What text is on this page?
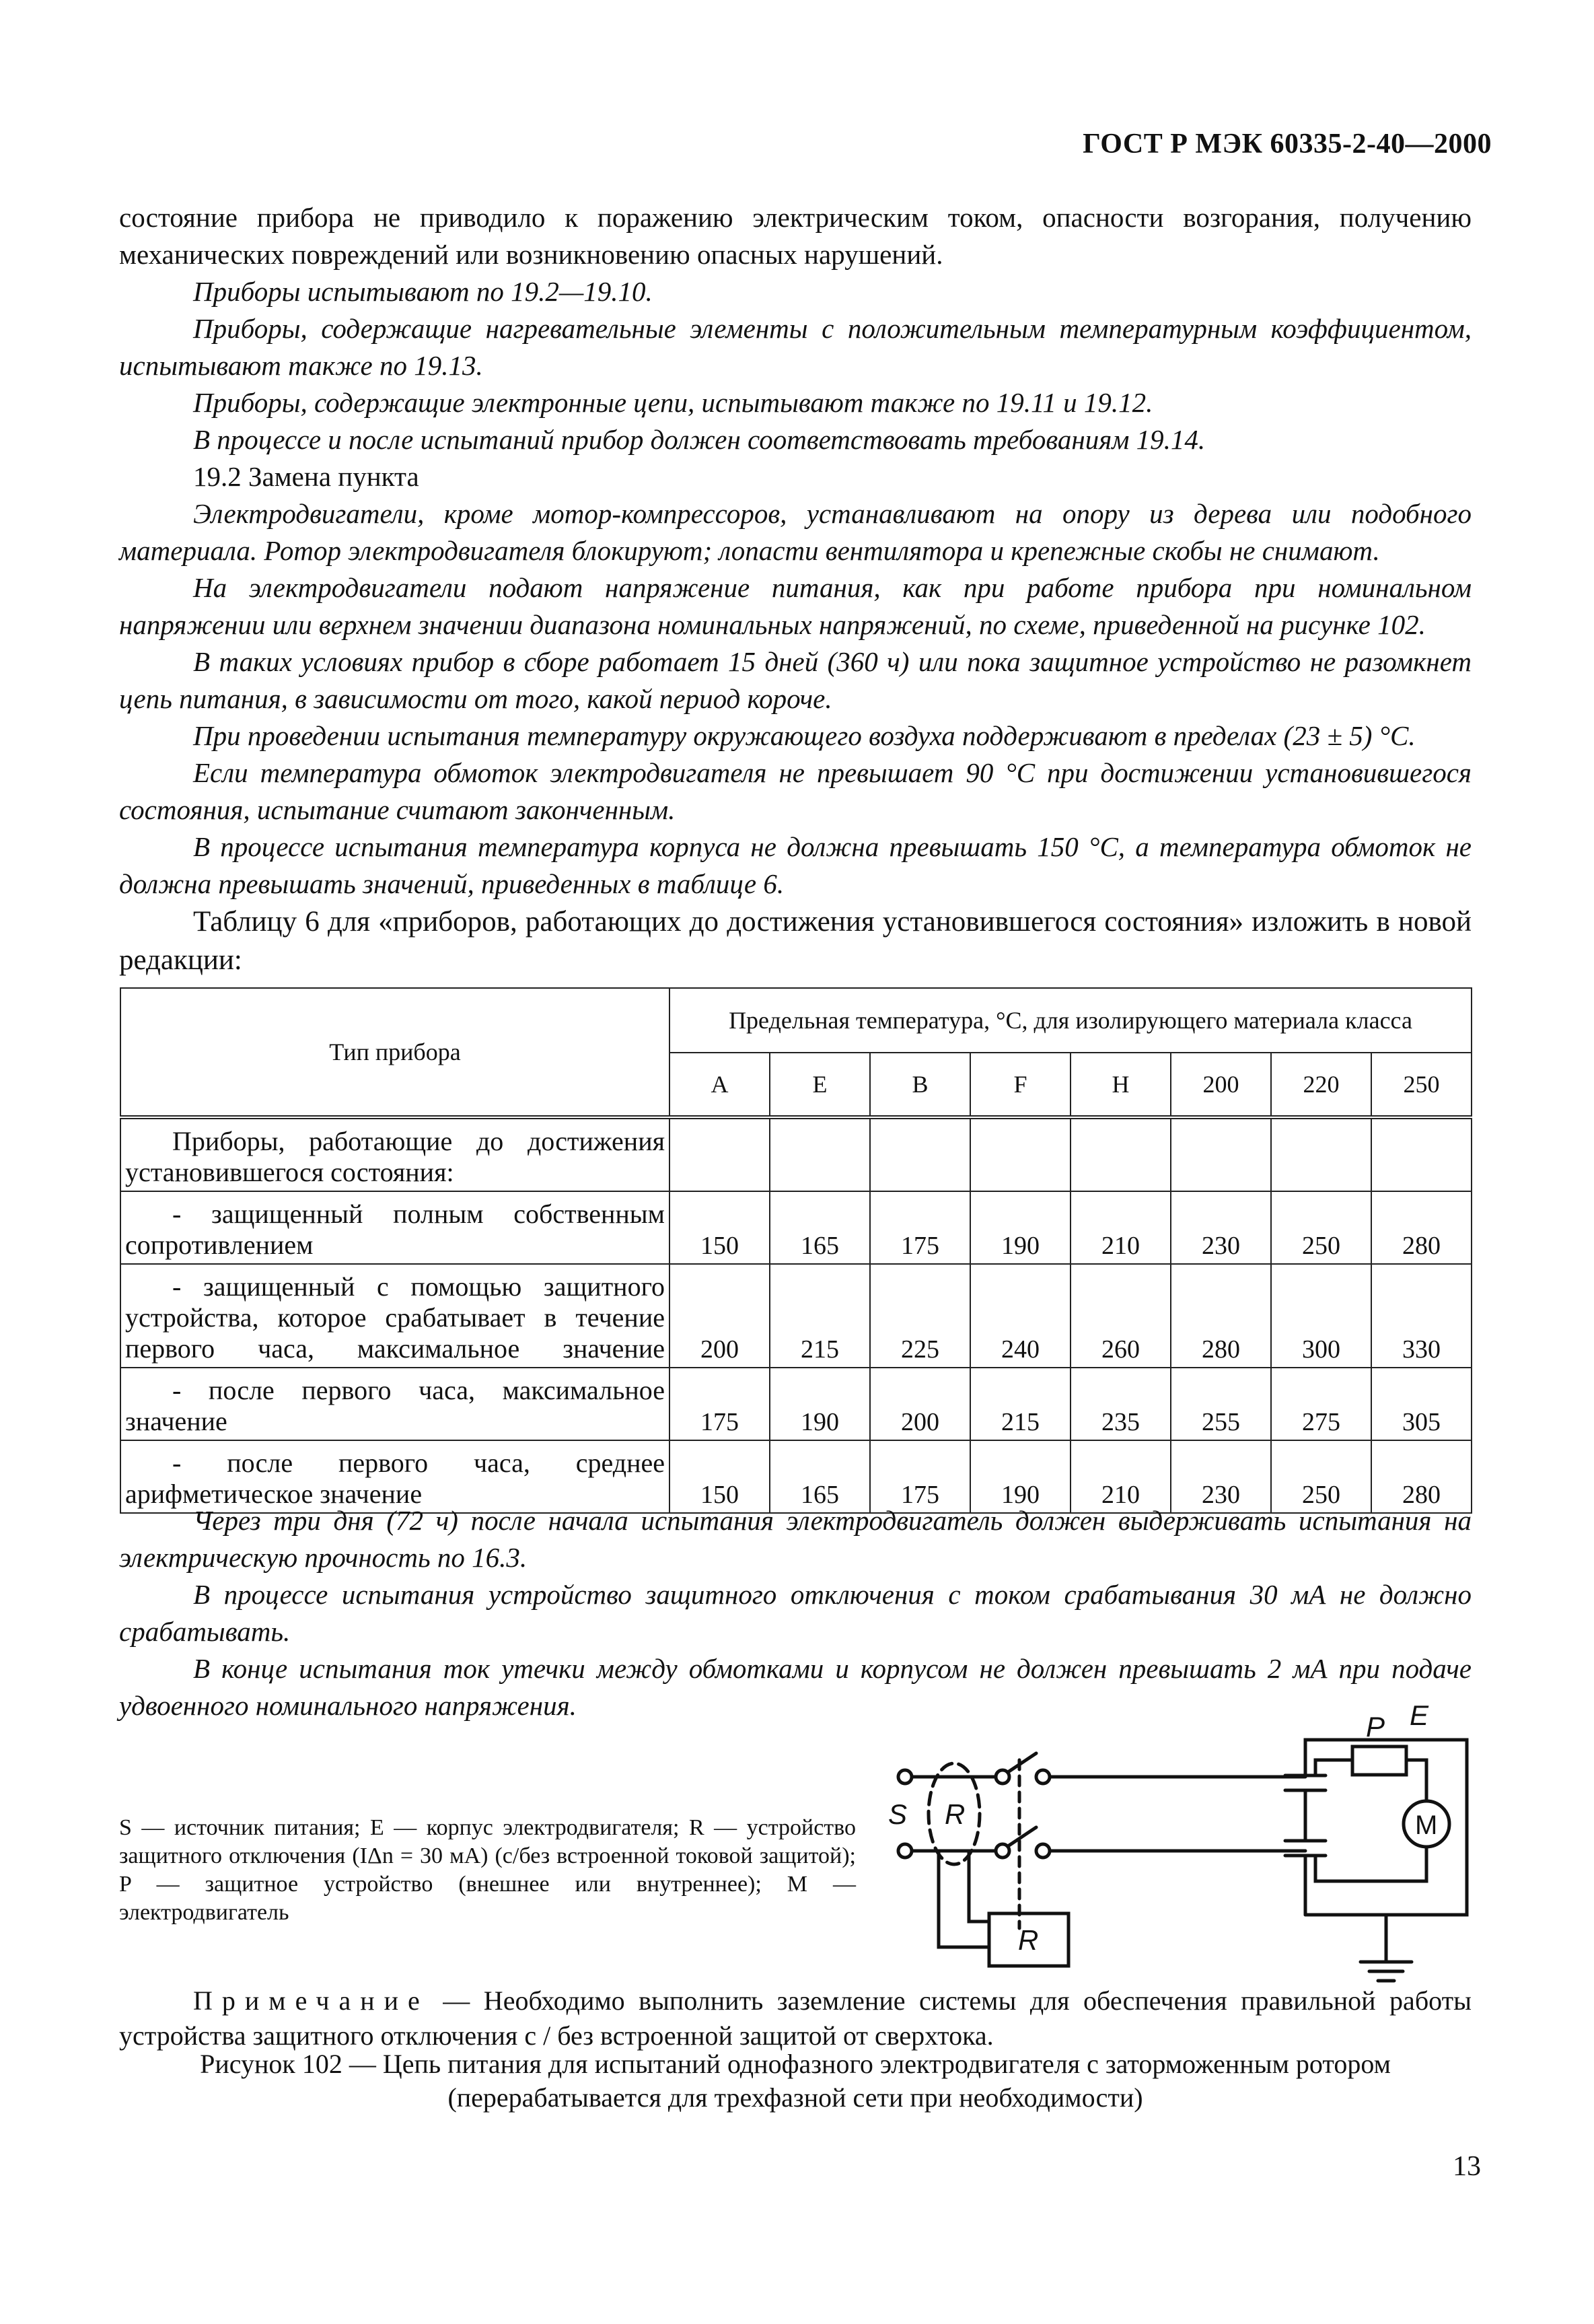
ГОСТ Р МЭК 60335-2-40—2000

состояние прибора не приводило к поражению электрическим током, опасности возгорания, получению механических повреждений или возникновению опасных нарушений.

Приборы испытывают по 19.2—19.10.

Приборы, содержащие нагревательные элементы с положительным температурным коэффициентом, испытывают также по 19.13.

Приборы, содержащие электронные цепи, испытывают также по 19.11 и 19.12.

В процессе и после испытаний прибор должен соответствовать требованиям 19.14.

19.2 Замена пункта

Электродвигатели, кроме мотор-компрессоров, устанавливают на опору из дерева или подобного материала. Ротор электродвигателя блокируют; лопасти вентилятора и крепежные скобы не снимают.

На электродвигатели подают напряжение питания, как при работе прибора при номинальном напряжении или верхнем значении диапазона номинальных напряжений, по схеме, приведенной на рисунке 102.

В таких условиях прибор в сборе работает 15 дней (360 ч) или пока защитное устройство не разомкнет цепь питания, в зависимости от того, какой период короче.

При проведении испытания температуру окружающего воздуха поддерживают в пределах (23 ± 5) °С.

Если температура обмоток электродвигателя не превышает 90 °С при достижении установившегося состояния, испытание считают законченным.

В процессе испытания температура корпуса не должна превышать 150 °С, а температура обмоток не должна превышать значений, приведенных в таблице 6.

Таблицу 6 для «приборов, работающих до достижения установившегося состояния» изложить в новой редакции:

Тип прибора	Предельная температура, °С, для изолирующего материала класса							
	A	E	B	F	H	200	220	250
Приборы, работающие до достижения установившегося состояния:								
- защищенный полным собственным сопротивлением	150	165	175	190	210	230	250	280
- защищенный с помощью защитного устройства, которое срабатывает в течение первого часа, максимальное значение	200	215	225	240	260	280	300	330
- после первого часа, максимальное значение	175	190	200	215	235	255	275	305
- после первого часа, среднее арифметическое значение	150	165	175	190	210	230	250	280

Через три дня (72 ч) после начала испытания электродвигатель должен выдерживать испытания на электрическую прочность по 16.3.

В процессе испытания устройство защитного отключения с током срабатывания 30 мА не должно срабатывать.

В конце испытания ток утечки между обмотками и корпусом не должен превышать 2 мА при подаче удвоенного номинального напряжения.

S — источник питания; E — корпус электродвигателя; R — устройство защитного отключения (IΔn = 30 мА) (с/без встроенной токовой защитой); P — защитное устройство (внешнее или внутреннее); M — электродвигатель
E
P
S R
R
M
Примечание — Необходимо выполнить заземление системы для обеспечения правильной работы устройства защитного отключения с / без встроенной защитой от сверхтока.
Рисунок 102 — Цепь питания для испытаний однофазного электродвигателя с заторможенным ротором
(перерабатывается для трехфазной сети при необходимости)
13
